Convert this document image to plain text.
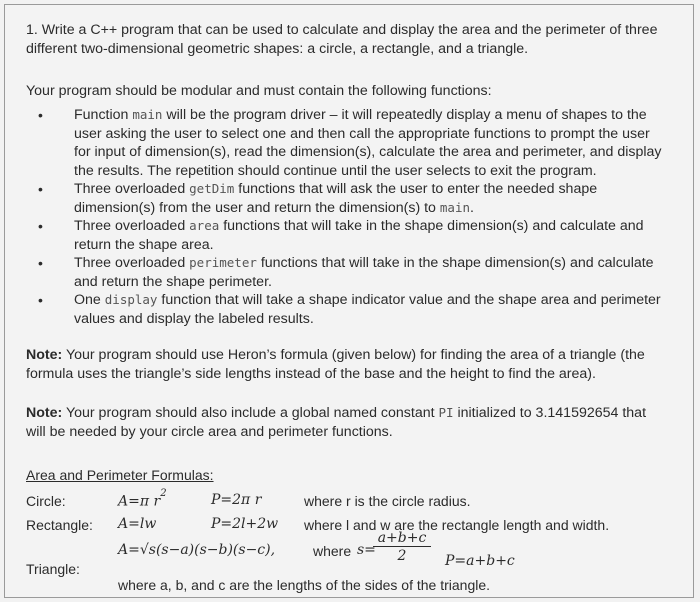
1. Write a C++ program that can be used to calculate and display the area and the perimeter of three different two-dimensional geometric shapes: a circle, a rectangle, and a triangle.
Your program should be modular and must contain the following functions:
• Function main will be the program driver – it will repeatedly display a menu of shapes to the user asking the user to select one and then call the appropriate functions to prompt the user for input of dimension(s), read the dimension(s), calculate the area and perimeter, and display the results. The repetition should continue until the user selects to exit the program.
• Three overloaded getDim functions that will ask the user to enter the needed shape dimension(s) from the user and return the dimension(s) to main.
• Three overloaded area functions that will take in the shape dimension(s) and calculate and return the shape area.
• Three overloaded perimeter functions that will take in the shape dimension(s) and calculate and return the shape perimeter.
• One display function that will take a shape indicator value and the shape area and perimeter values and display the labeled results.
Note: Your program should use Heron’s formula (given below) for finding the area of a triangle (the formula uses the triangle’s side lengths instead of the base and the height to find the area).
Note: Your program should also include a global named constant PI initialized to 3.141592654 that will be needed by your circle area and perimeter functions.
Area and Perimeter Formulas:
Circle:	A=π $r^2$	P=2π r	where r is the circle radius.
Rectangle: A=lw	P=2l+2w where l and w are the rectangle length and width.
Triangle:
A=√s(s−a)(s−b)(s−c),	where s=
$\frac{a+b+c}{2} P=a+b+c$
where a, b, and c are the lengths of the sides of the triangle.
